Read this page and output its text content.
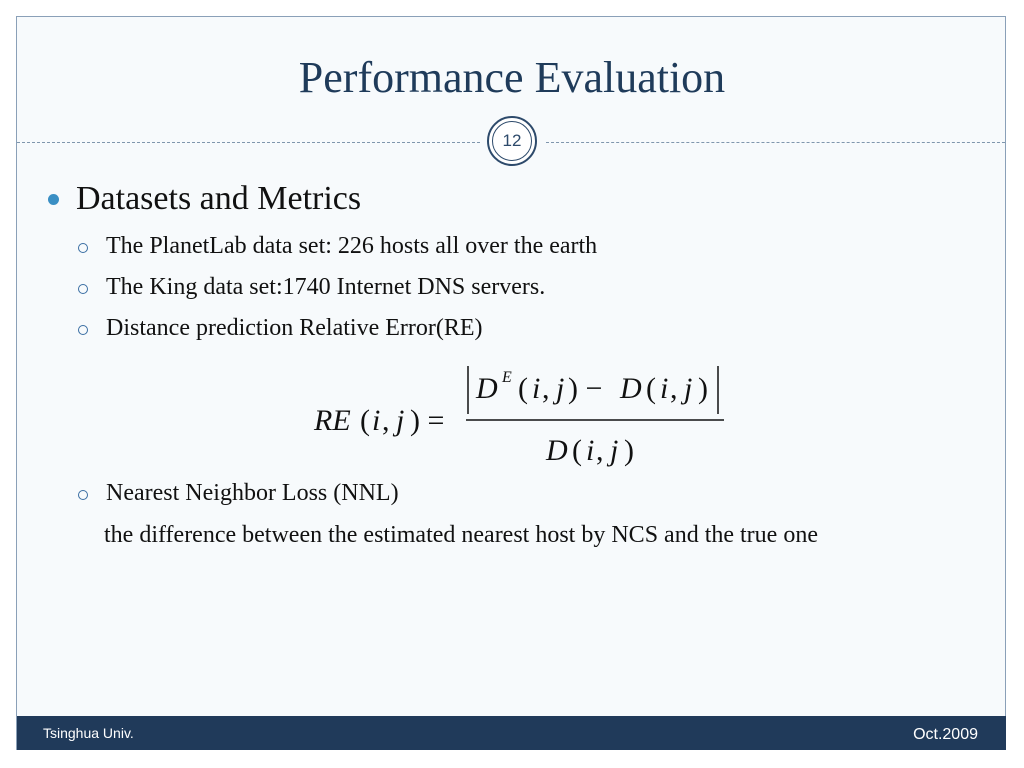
Performance Evaluation
12
Datasets and Metrics
The PlanetLab data set: 226 hosts all over the earth
The King data set:1740 Internet DNS servers.
Distance prediction Relative Error(RE)
RE ( i , j ) =
D E ( i , j ) − D ( i , j )
D ( i , j )
Nearest Neighbor Loss (NNL)
the difference between the estimated nearest host by NCS and the true one
Tsinghua Univ.	Oct.2009
